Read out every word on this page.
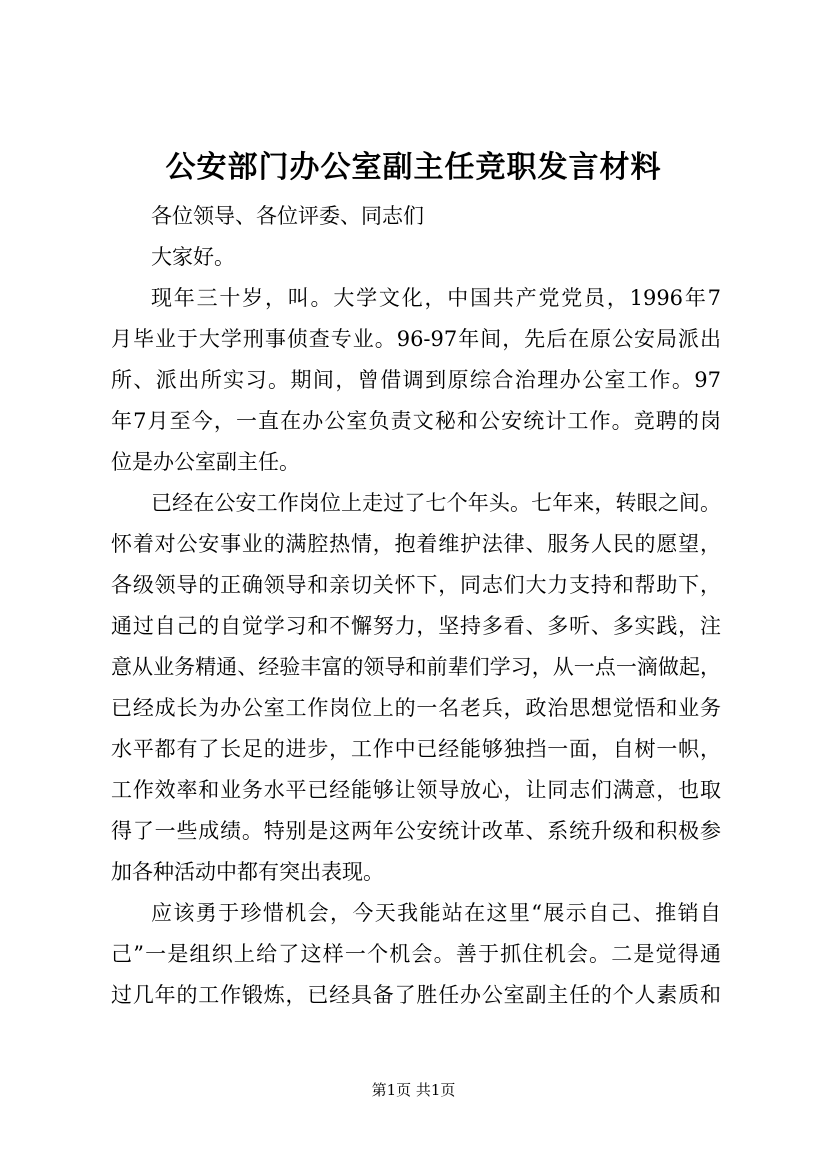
公安部门办公室副主任竞职发言材料
各位领导、各位评委、同志们
大家好。
现年三十岁，叫。大学文化，中国共产党党员，1996年7
月毕业于大学刑事侦查专业。96-97年间，先后在原公安局派出
所、派出所实习。期间，曾借调到原综合治理办公室工作。97
年7月至今，一直在办公室负责文秘和公安统计工作。竞聘的岗
位是办公室副主任。
已经在公安工作岗位上走过了七个年头。七年来，转眼之间。
怀着对公安事业的满腔热情，抱着维护法律、服务人民的愿望，
各级领导的正确领导和亲切关怀下，同志们大力支持和帮助下，
通过自己的自觉学习和不懈努力，坚持多看、多听、多实践，注
意从业务精通、经验丰富的领导和前辈们学习，从一点一滴做起，
已经成长为办公室工作岗位上的一名老兵，政治思想觉悟和业务
水平都有了长足的进步，工作中已经能够独挡一面，自树一帜，
工作效率和业务水平已经能够让领导放心，让同志们满意，也取
得了一些成绩。特别是这两年公安统计改革、系统升级和积极参
加各种活动中都有突出表现。
应该勇于珍惜机会，今天我能站在这里“展示自己、推销自
己”一是组织上给了这样一个机会。善于抓住机会。二是觉得通
过几年的工作锻炼，已经具备了胜任办公室副主任的个人素质和
第1页 共1页
